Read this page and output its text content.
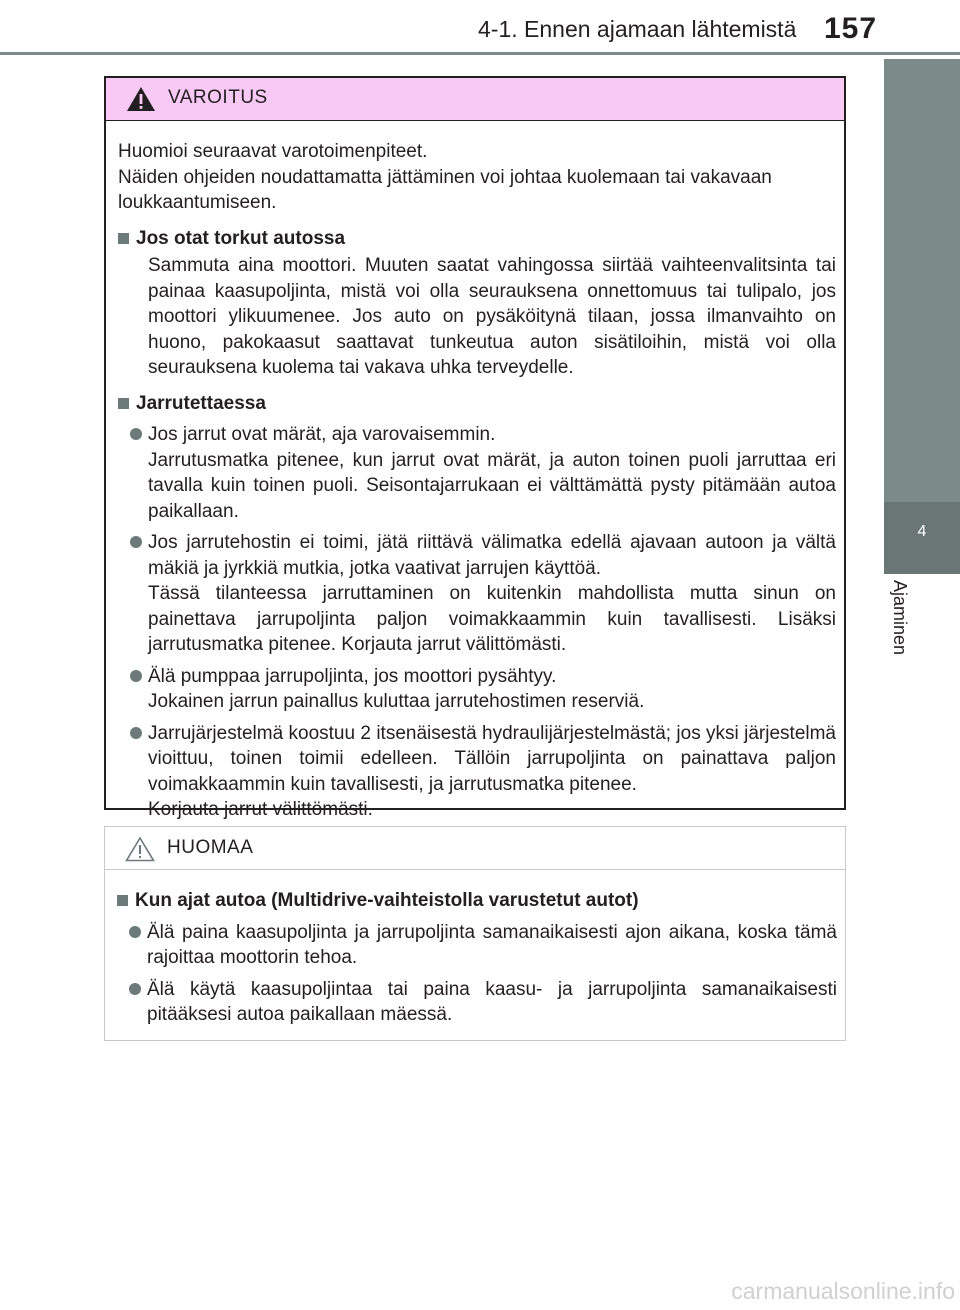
4-1. Ennen ajamaan lähtemistä 157
4
Ajaminen
VAROITUS

Huomioi seuraavat varotoimenpiteet.
Näiden ohjeiden noudattamatta jättäminen voi johtaa kuolemaan tai vakavaan loukkaantumiseen.

Jos otat torkut autossa
Sammuta aina moottori. Muuten saatat vahingossa siirtää vaihteenvalitsinta tai painaa kaasupoljinta, mistä voi olla seurauksena onnettomuus tai tulipalo, jos moottori ylikuumenee. Jos auto on pysäköitynä tilaan, jossa ilmanvaihto on huono, pakokaasut saattavat tunkeutua auton sisätiloihin, mistä voi olla seurauksena kuolema tai vakava uhka terveydelle.
Jarrutettaessa
Jos jarrut ovat märät, aja varovaisemmin.
Jarrutusmatka pitenee, kun jarrut ovat märät, ja auton toinen puoli jarruttaa eri tavalla kuin toinen puoli. Seisontajarrukaan ei välttämättä pysty pitämään autoa paikallaan.
Jos jarrutehostin ei toimi, jätä riittävä välimatka edellä ajavaan autoon ja vältä mäkiä ja jyrkkiä mutkia, jotka vaativat jarrujen käyttöä.
Tässä tilanteessa jarruttaminen on kuitenkin mahdollista mutta sinun on painettava jarrupoljinta paljon voimakkaammin kuin tavallisesti. Lisäksi jarrutusmatka pitenee. Korjauta jarrut välittömästi.
Älä pumppaa jarrupoljinta, jos moottori pysähtyy.
Jokainen jarrun painallus kuluttaa jarrutehostimen reserviä.
Jarrujärjestelmä koostuu 2 itsenäisestä hydraulijärjestelmästä; jos yksi järjestelmä vioittuu, toinen toimii edelleen. Tällöin jarrupoljinta on painattava paljon voimakkaammin kuin tavallisesti, ja jarrutusmatka pitenee.
Korjauta jarrut välittömästi.
HUOMAA
Kun ajat autoa (Multidrive-vaihteistolla varustetut autot)
Älä paina kaasupoljinta ja jarrupoljinta samanaikaisesti ajon aikana, koska tämä rajoittaa moottorin tehoa.
Älä käytä kaasupoljintaa tai paina kaasu- ja jarrupoljinta samanaikaisesti pitääksesi autoa paikallaan mäessä.
carmanualsonline.info
